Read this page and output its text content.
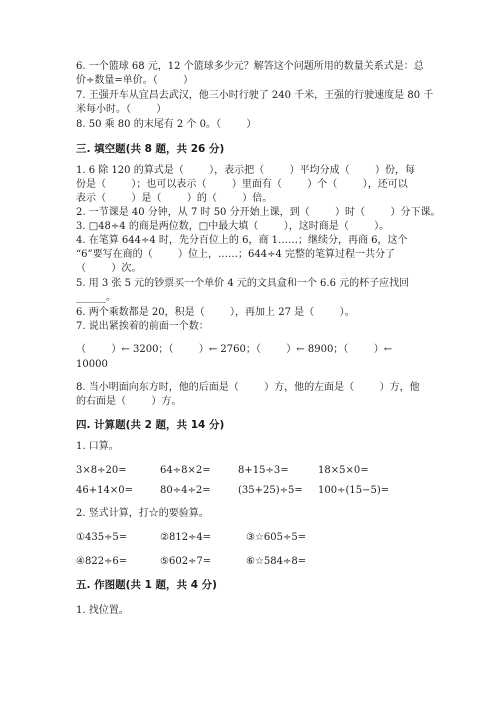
6. 一个篮球 68 元，12 个篮球多少元？解答这个问题所用的数量关系式是：总
价÷数量=单价。（        ）
7. 王强开车从宜昌去武汉，他三小时行驶了 240 千米，王强的行驶速度是 80 千
米每小时。（        ）
8. 50 乘 80 的末尾有 2 个 0。（        ）
三. 填空题(共 8 题，共 26 分)
1. 6 除 120 的算式是（        ），表示把（        ）平均分成（        ）份，每
份是（        ）；也可以表示（        ）里面有（        ）个（        ），还可以
表示（        ）是（        ）的（        ）倍。
2. 一节课是 40 分钟，从 7 时 50 分开始上课，到（        ）时（        ）分下课。
3. □48÷4 的商是两位数，□中最大填（        ），这时商是（        ）。
4. 在笔算 644÷4 时，先分百位上的 6，商 1……；继续分，再商 6，这个
“6”要写在商的（        ）位上，……；644÷4 完整的笔算过程一共分了
（        ）次。
5. 用 3 张 5 元的钞票买一个单价 4 元的文具盒和一个 6.6 元的杯子应找回
______。
6. 两个乘数都是 20，积是（        ），再加上 27 是（        ）。
7. 说出紧挨着的前面一个数：
（        ）← 3200；（        ）← 2760；（        ）← 8900；（        ）←
10000
8. 当小明面向东方时，他的后面是（        ）方，他的左面是（        ）方，他
的右面是（        ）方。
四. 计算题(共 2 题，共 14 分)
1. 口算。
3×8÷20=	64÷8×2=	8+15÷3=	18×5×0=
46+14×0=	80÷4÷2=	(35+25)÷5= 100÷(15−5)=
2. 竖式计算，打☆的要验算。
①435÷5=	②812÷4=	③☆605÷5=
④822÷6=	⑤602÷7=	⑥☆584÷8=
五. 作图题(共 1 题，共 4 分)
1. 找位置。
